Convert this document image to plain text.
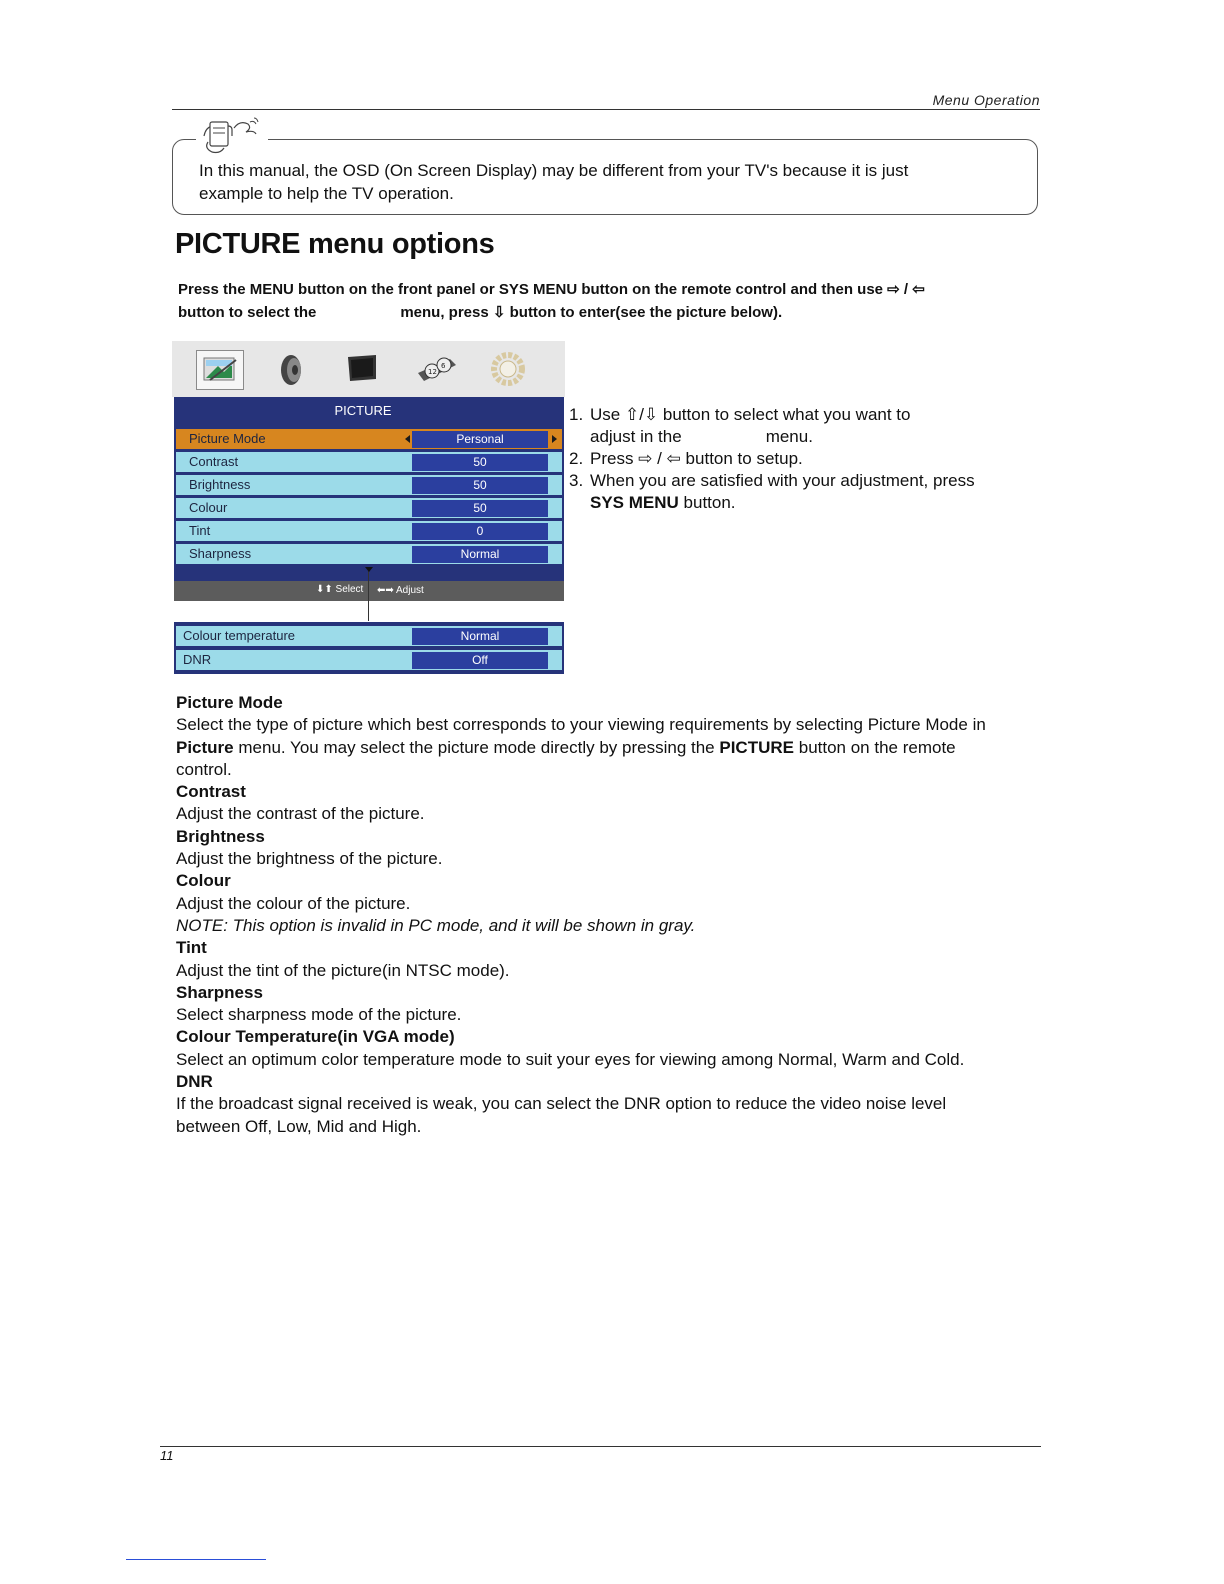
Menu Operation
In this manual, the OSD (On Screen Display) may be different from your TV's because it is just
example to help the TV operation.
PICTURE menu options
Press the MENU button on the front panel or SYS MENU button on the remote control and then use ⇨ / ⇦
button to select the	menu, press ⇩ button to enter(see the picture below).
12
6
PICTURE
Picture Mode	Personal
Contrast	50
Brightness	50
Colour	50
Tint	0
Sharpness	Normal
⬇⬆ Select ⬅➡ Adjust
Colour temperature	Normal
DNR	Off
1. Use ⇧/⇩ button to select what you want to
adjust in the	menu.
2. Press ⇨ / ⇦ button to setup.
3. When you are satisfied with your adjustment, press
SYS MENU button.
Picture Mode
Select the type of picture which best corresponds to your viewing requirements by selecting Picture Mode in
Picture menu. You may select the picture mode directly by pressing the PICTURE button on the remote
control.
Contrast
Adjust the contrast of the picture.
Brightness
Adjust the brightness of the picture.
Colour
Adjust the colour of the picture.
NOTE: This option is invalid in PC mode, and it will be shown in gray.
Tint
Adjust the tint of the picture(in NTSC mode).
Sharpness
Select sharpness mode of the picture.
Colour Temperature(in VGA mode)
Select an optimum color temperature mode to suit your eyes for viewing among Normal, Warm and Cold.
DNR
If the broadcast signal received is weak, you can select the DNR option to reduce the video noise level
between Off, Low, Mid and High.
11
